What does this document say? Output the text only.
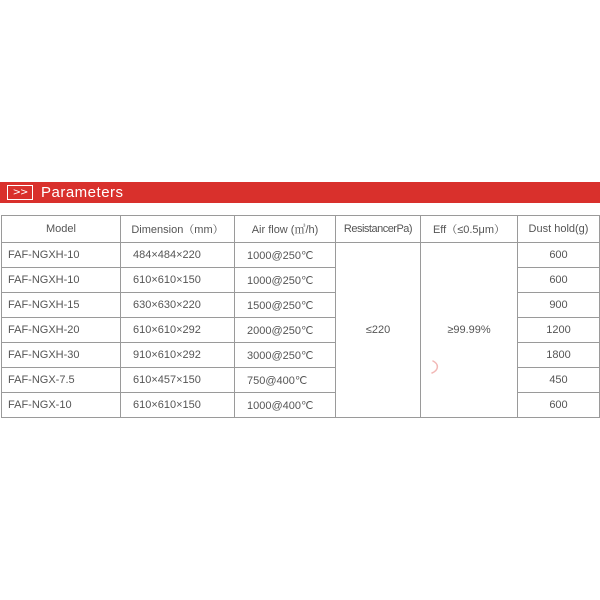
>> Parameters
Model	Dimension（mm）	Air flow (㎥/h)	ResistancerPa)	Eff（≤0.5μm）	Dust hold(g)
FAF-NGXH-10	484×484×220	1000@250℃	≤220	≥99.99%	600
FAF-NGXH-10	610×610×150	1000@250℃			600
FAF-NGXH-15	630×630×220	1500@250℃			900
FAF-NGXH-20	610×610×292	2000@250℃			1200
FAF-NGXH-30	910×610×292	3000@250℃			1800
FAF-NGX-7.5	610×457×150	750@400℃			450
FAF-NGX-10	610×610×150	1000@400℃			600
